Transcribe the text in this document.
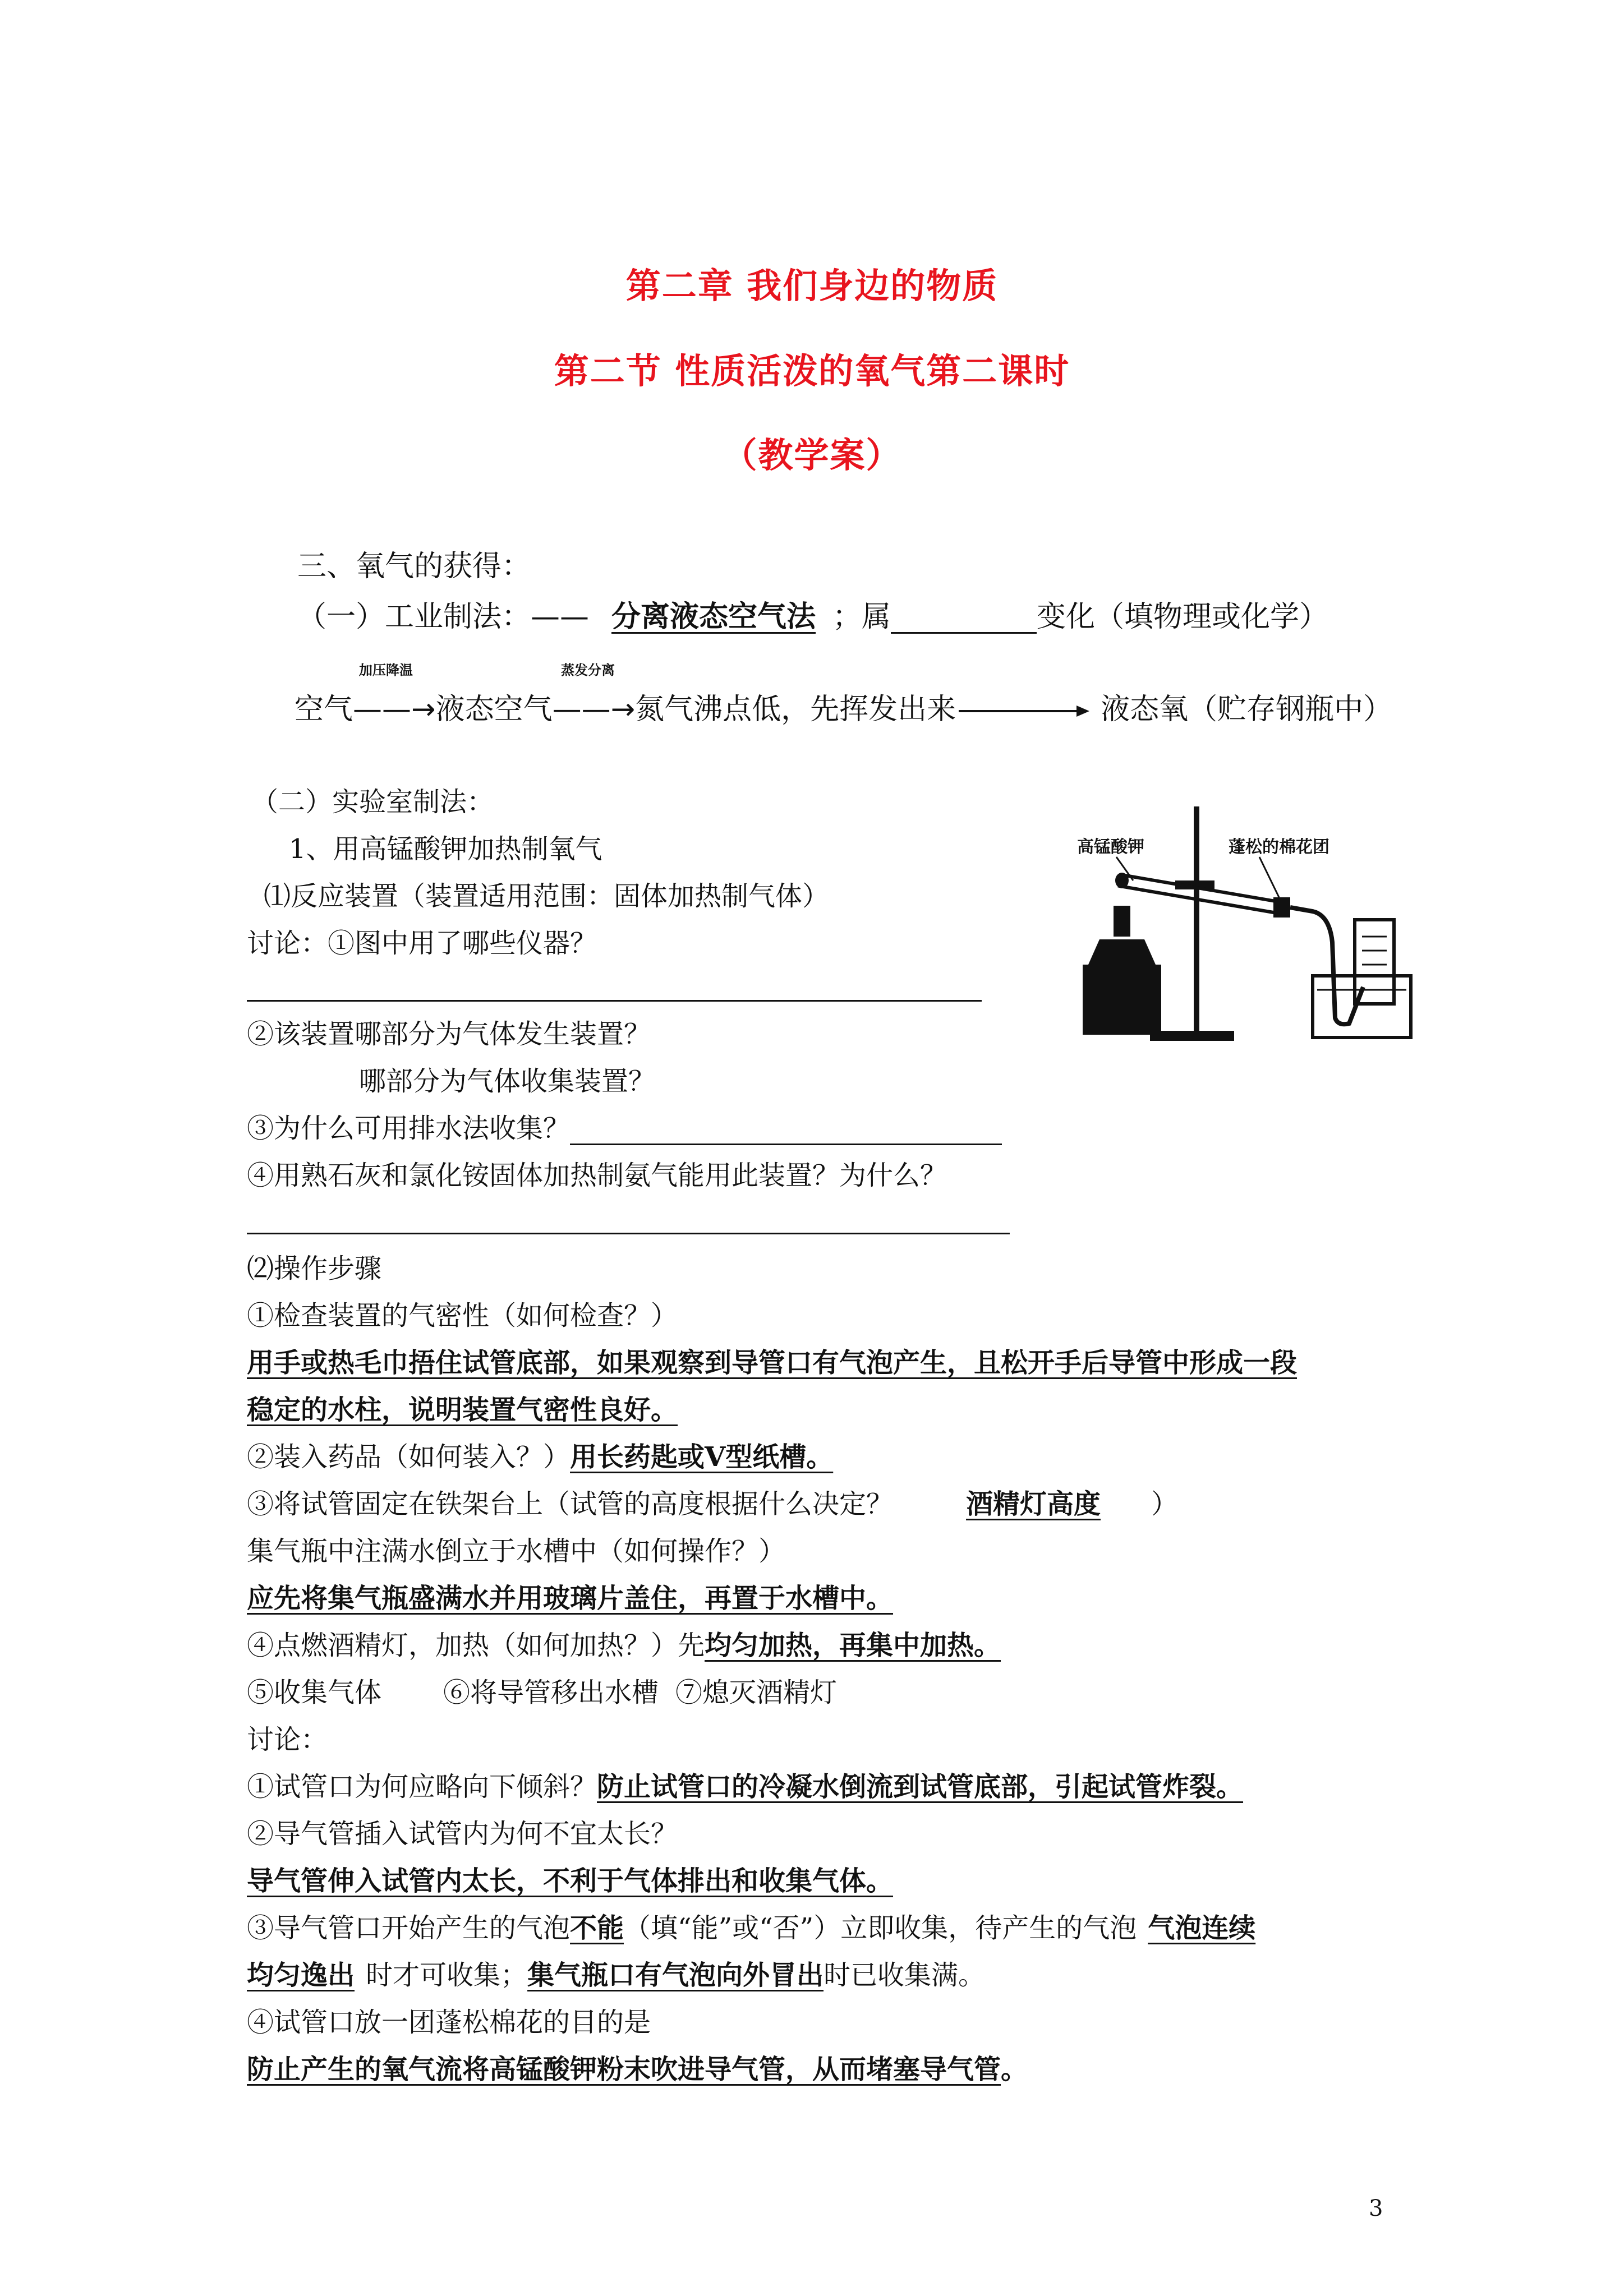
第二章 我们身边的物质
第二节 性质活泼的氧气第二课时
（教学案）
三、氧气的获得：
（一）工业制法：—— 分离液态空气法 ；属	变化（填物理或化学）
加压降温	蒸发分离
空气——→液态空气——→氮气沸点低，先挥发出来	液态氧（贮存钢瓶中）
（二）实验室制法：
1、用高锰酸钾加热制氧气
⑴反应装置（装置适用范围：固体加热制气体）
讨论：①图中用了哪些仪器？
②该装置哪部分为气体发生装置？
哪部分为气体收集装置？
③为什么可用排水法收集？
④用熟石灰和氯化铵固体加热制氨气能用此装置？为什么？
高锰酸钾	蓬松的棉花团
⑵操作步骤
①检查装置的气密性（如何检查？）
用手或热毛巾捂住试管底部，如果观察到导管口有气泡产生，且松开手后导管中形成一段
稳定的水柱，说明装置气密性良好。
②装入药品（如何装入？）用长药匙或V型纸槽。
③将试管固定在铁架台上（试管的高度根据什么决定？	酒精灯高度 ）
集气瓶中注满水倒立于水槽中（如何操作？）
应先将集气瓶盛满水并用玻璃片盖住，再置于水槽中。
④点燃酒精灯，加热（如何加热？）先均匀加热，再集中加热。
⑤收集气体 ⑥将导管移出水槽 ⑦熄灭酒精灯
讨论：
①试管口为何应略向下倾斜？防止试管口的冷凝水倒流到试管底部，引起试管炸裂。
②导气管插入试管内为何不宜太长？
导气管伸入试管内太长，不利于气体排出和收集气体。
③导气管口开始产生的气泡不能（填“能”或“否”）立即收集，待产生的气泡 气泡连续
均匀逸出 时才可收集；集气瓶口有气泡向外冒出时已收集满。
④试管口放一团蓬松棉花的目的是
防止产生的氧气流将高锰酸钾粉末吹进导气管，从而堵塞导气管。
3
